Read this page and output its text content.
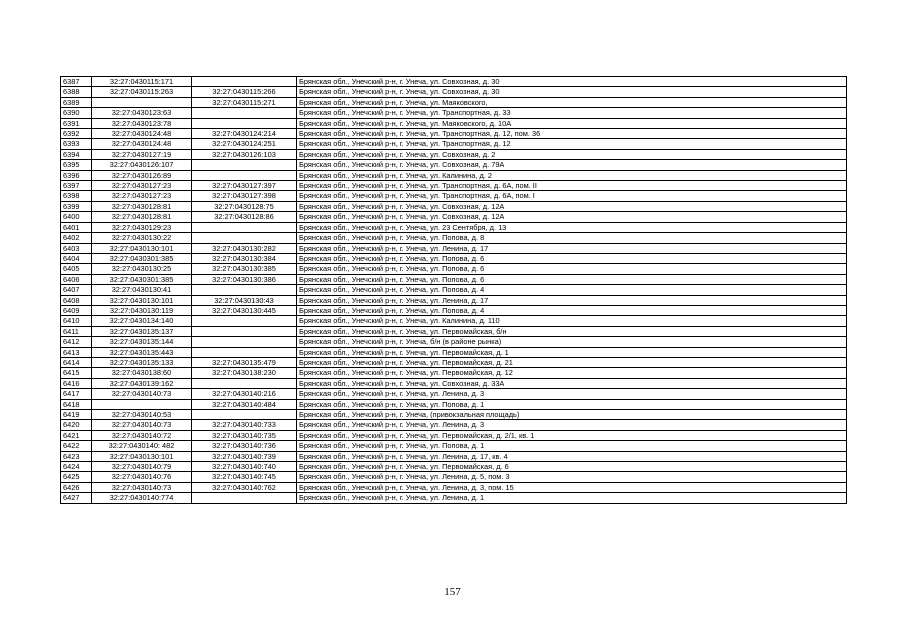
6387	32:27:0430115:171		Брянская обл., Унечский р-н, г. Унеча, ул. Совхозная, д. 30
6388	32:27:0430115:263	32:27:0430115:266	Брянская обл., Унечский р-н, г. Унеча, ул. Совхозная, д. 30
6389		32:27:0430115:271	Брянская обл., Унечский р-н, г. Унеча, ул. Маяковского,
6390	32:27:0430123:63		Брянская обл., Унечский р-н, г. Унеча, ул. Транспортная, д. 33
6391	32:27:0430123:78		Брянская обл., Унечский р-н, г. Унеча, ул. Маяковского, д. 10А
6392	32:27:0430124:48	32:27:0430124:214	Брянская обл., Унечский р-н, г. Унеча, ул. Транспортная, д. 12, пом. 36
6393	32:27:0430124:48	32:27:0430124:251	Брянская обл., Унечский р-н, г. Унеча, ул. Транспортная, д. 12
6394	32:27:0430127:19	32:27:0430126:103	Брянская обл., Унечский р-н, г. Унеча, ул. Совхозная, д. 2
6395	32:27:0430126:107		Брянская обл., Унечский р-н, г. Унеча, ул. Совхозная, д. 79А
6396	32:27:0430126:89		Брянская обл., Унечский р-н, г. Унеча, ул. Калинина, д. 2
6397	32:27:0430127:23	32:27:0430127:397	Брянская обл., Унечский р-н, г. Унеча, ул. Транспортная, д. 6А, пом. II
6398	32:27:0430127:23	32:27:0430127:398	Брянская обл., Унечский р-н, г. Унеча, ул. Транспортная, д. 6А, пом. I
6399	32:27:0430128:81	32:27:0430128:75	Брянская обл., Унечский р-н, г. Унеча, ул. Совхозная, д. 12А
6400	32:27:0430128:81	32:27:0430128:86	Брянская обл., Унечский р-н, г. Унеча, ул. Совхозная, д. 12А
6401	32:27:0430129:23		Брянская обл., Унечский р-н, г. Унеча, ул. 23 Сентября, д. 13
6402	32:27:0430130:22		Брянская обл., Унечский р-н, г. Унеча, ул. Попова, д. 8
6403	32:27:0430130:101	32:27:0430130:282	Брянская обл., Унечский р-н, г. Унеча, ул. Ленина, д. 17
6404	32:27:0430301:385	32:27:0430130:384	Брянская обл., Унечский р-н, г. Унеча, ул. Попова, д. 6
6405	32:27:0430130:25	32:27:0430130:385	Брянская обл., Унечский р-н, г. Унеча, ул. Попова, д. 6
6406	32:27:0430301:385	32:27:0430130:386	Брянская обл., Унечский р-н, г. Унеча, ул. Попова, д. 6
6407	32:27:0430130:41		Брянская обл., Унечский р-н, г. Унеча, ул. Попова, д. 4
6408	32:27:0430130:101	32:27:0430130:43	Брянская обл., Унечский р-н, г. Унеча, ул. Ленина, д. 17
6409	32:27:0430130:119	32:27:0430130:445	Брянская обл., Унечский р-н, г. Унеча, ул. Попова, д. 4
6410	32:27:0430134:140		Брянская обл., Унечский р-н, г. Унеча, ул. Калинина, д. 110
6411	32:27:0430135:137		Брянская обл., Унечский р-н, г. Унеча, ул. Первомайская, б/н
6412	32:27:0430135:144		Брянская обл., Унечский р-н, г. Унеча, б/н (в районе рынка)
6413	32:27:0430135:443		Брянская обл., Унечский р-н, г. Унеча, ул. Первомайская, д. 1
6414	32:27:0430135:133	32:27:0430135:479	Брянская обл., Унечский р-н, г. Унеча, ул. Первомайская, д. 21
6415	32:27:0430138:60	32:27:0430138:230	Брянская обл., Унечский р-н, г. Унеча, ул. Первомайская, д. 12
6416	32:27:0430139:162		Брянская обл., Унечский р-н, г. Унеча, ул. Совхозная, д. 33А
6417	32:27:0430140:73	32:27:0430140:216	Брянская обл., Унечский р-н, г. Унеча, ул. Ленина, д. 3
6418		32:27:0430140:484	Брянская обл., Унечский р-н, г. Унеча, ул. Попова, д. 1
6419	32:27:0430140:53		Брянская обл., Унечский р-н, г. Унеча, (привокзальная площадь)
6420	32:27:0430140:73	32:27:0430140:733	Брянская обл., Унечский р-н, г. Унеча, ул. Ленина, д. 3
6421	32:27:0430140:72	32:27:0430140:735	Брянская обл., Унечский р-н, г. Унеча, ул. Первомайская, д. 2/1, кв. 1
6422	32:27:0430140: 482	32:27:0430140:736	Брянская обл., Унечский р-н, г. Унеча, ул. Попова, д. 1
6423	32:27:0430130:101	32:27:0430140:739	Брянская обл., Унечский р-н, г. Унеча, ул. Ленина, д. 17, кв. 4
6424	32:27:0430140:79	32:27:0430140:740	Брянская обл., Унечский р-н, г. Унеча, ул. Первомайская, д. 6
6425	32:27:0430140:76	32:27:0430140:745	Брянская обл., Унечский р-н, г. Унеча, ул. Ленина, д. 5, пом. 3
6426	32:27:0430140:73	32:27:0430140:762	Брянская обл., Унечский р-н, г. Унеча, ул. Ленина, д. 3, пом. 15
6427	32:27:0430140:774		Брянская обл., Унечский р-н, г. Унеча, ул. Ленина, д. 1
157
